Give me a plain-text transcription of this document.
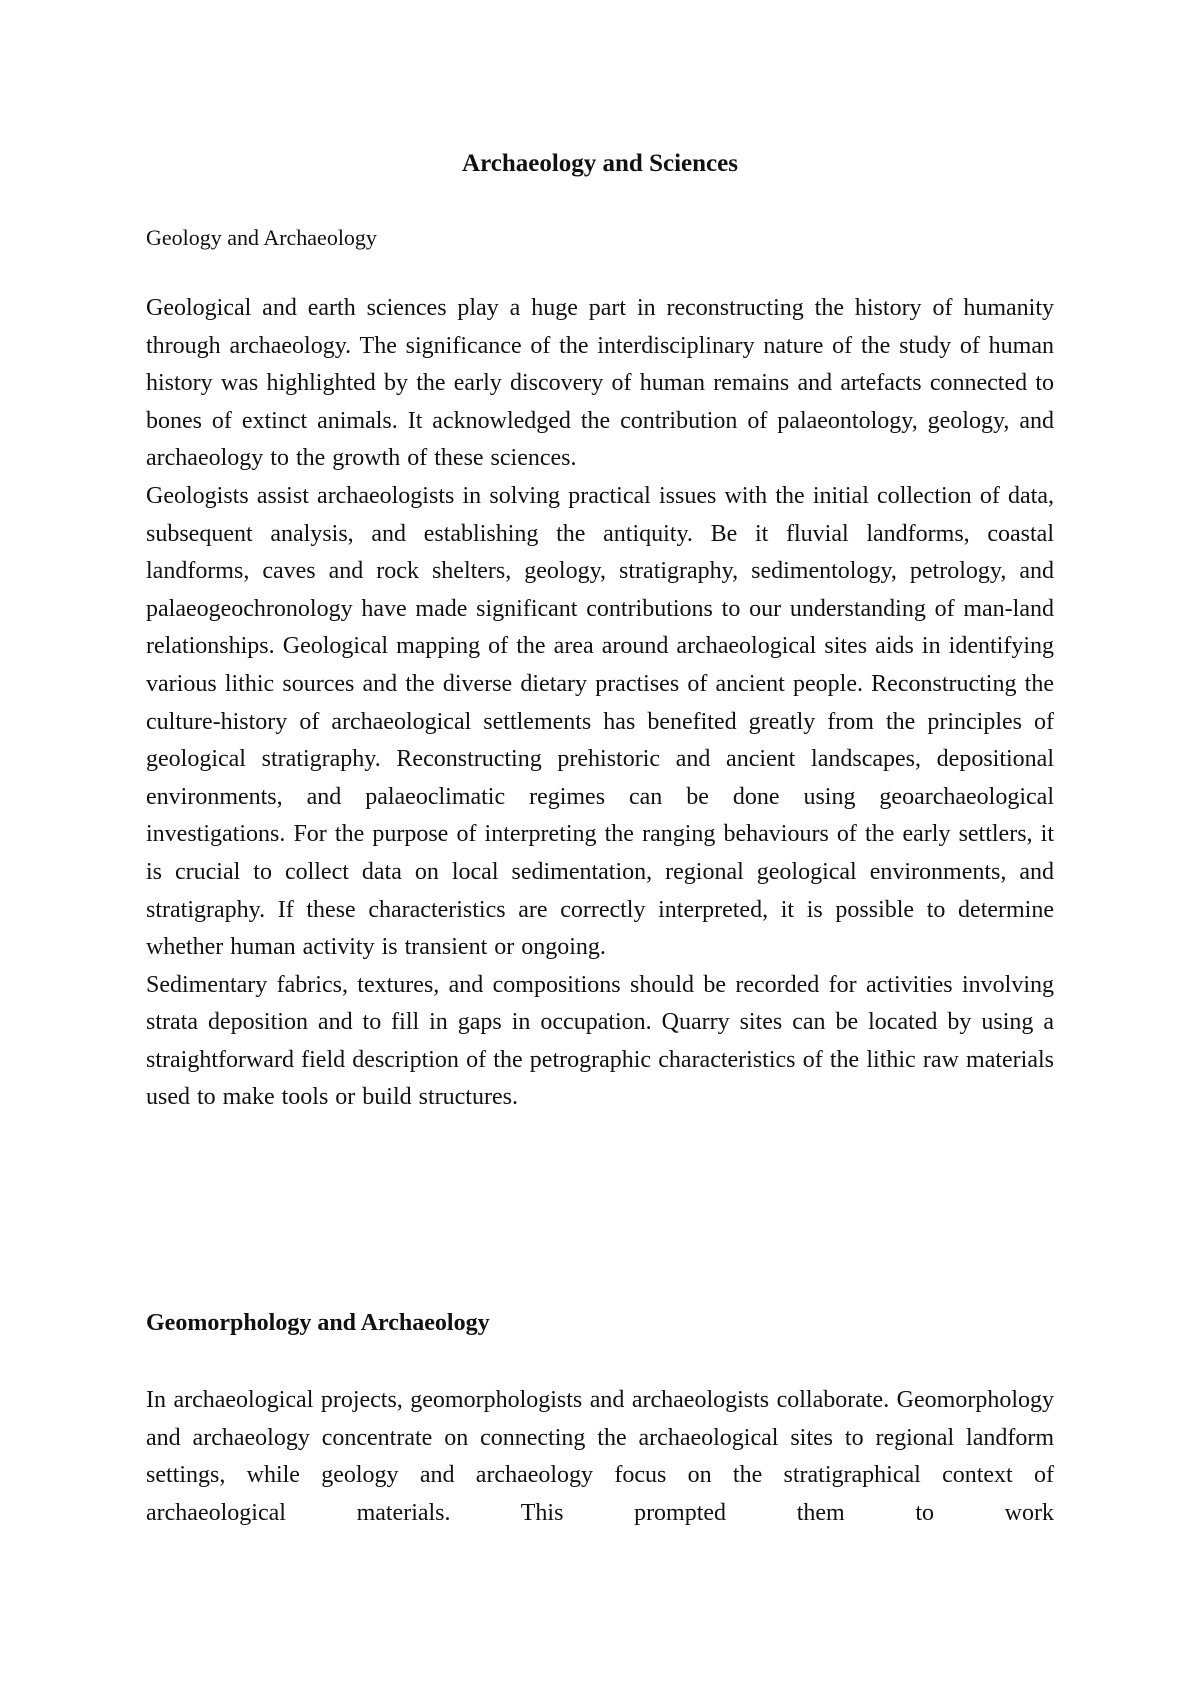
Archaeology and Sciences

Geology and Archaeology

Geological and earth sciences play a huge part in reconstructing the history of humanity through archaeology. The significance of the interdisciplinary nature of the study of human history was highlighted by the early discovery of human remains and artefacts connected to bones of extinct animals. It acknowledged the contribution of palaeontology, geology, and archaeology to the growth of these sciences.

Geologists assist archaeologists in solving practical issues with the initial collection of data, subsequent analysis, and establishing the antiquity. Be it fluvial landforms, coastal landforms, caves and rock shelters, geology, stratigraphy, sedimentology, petrology, and palaeogeochronology have made significant contributions to our understanding of man-land relationships. Geological mapping of the area around archaeological sites aids in identifying various lithic sources and the diverse dietary practises of ancient people. Reconstructing the culture-history of archaeological settlements has benefited greatly from the principles of geological stratigraphy. Reconstructing prehistoric and ancient landscapes, depositional environments, and palaeoclimatic regimes can be done using geoarchaeological investigations. For the purpose of interpreting the ranging behaviours of the early settlers, it is crucial to collect data on local sedimentation, regional geological environments, and stratigraphy. If these characteristics are correctly interpreted, it is possible to determine whether human activity is transient or ongoing.

Sedimentary fabrics, textures, and compositions should be recorded for activities involving strata deposition and to fill in gaps in occupation. Quarry sites can be located by using a straightforward field description of the petrographic characteristics of the lithic raw materials used to make tools or build structures.

Geomorphology and Archaeology

In archaeological projects, geomorphologists and archaeologists collaborate. Geomorphology and archaeology concentrate on connecting the archaeological sites to regional landform settings, while geology and archaeology focus on the stratigraphical context of archaeological materials. This prompted them to work
